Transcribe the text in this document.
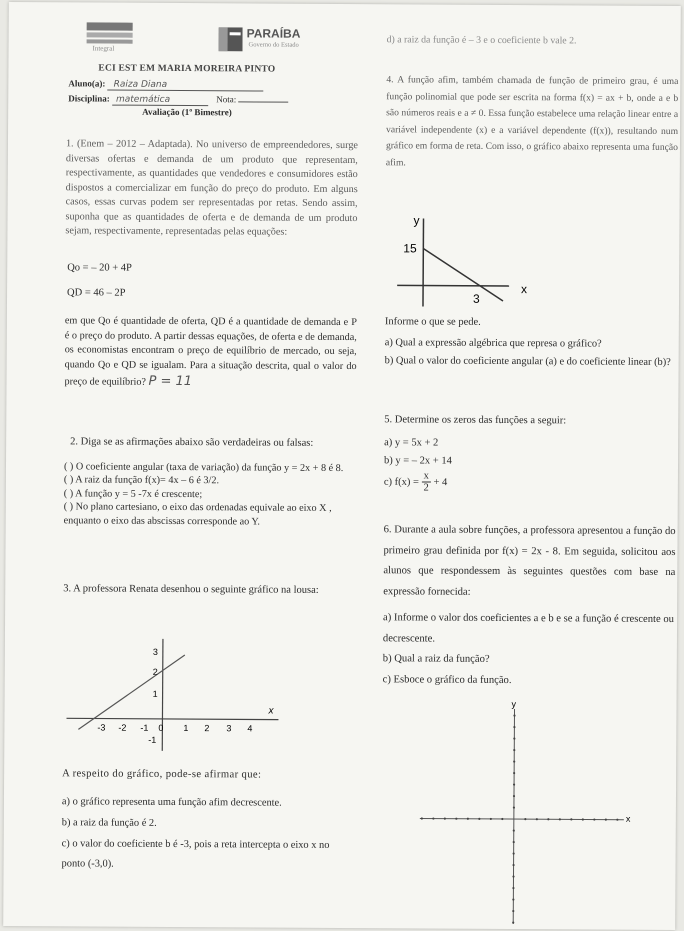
Integral
PARAÍBA
Governo do Estado
ECI EST EM MARIA MOREIRA PINTO
Aluno(a): Raiza Diana
Disciplina: matemática	Nota:
Avaliação (1º Bimestre)
1. (Enem – 2012 – Adaptada). No universo de empreendedores, surge diversas ofertas e demanda de um produto que representam, respectivamente, as quantidades que vendedores e consumidores estão dispostos a comercializar em função do preço do produto. Em alguns casos, essas curvas podem ser representadas por retas. Sendo assim, suponha que as quantidades de oferta e de demanda de um produto sejam, respectivamente, representadas pelas equações:
Qo = – 20 + 4P
QD = 46 – 2P
em que Qo é quantidade de oferta, QD é a quantidade de demanda e P é o preço do produto. A partir dessas equações, de oferta e de demanda, os economistas encontram o preço de equilíbrio de mercado, ou seja, quando Qo e QD se igualam. Para a situação descrita, qual o valor do preço de equilíbrio? P = 11
2. Diga se as afirmações abaixo são verdadeiras ou falsas:
( ) O coeficiente angular (taxa de variação) da função y = 2x + 8 é 8.
( ) A raiz da função f(x)= 4x – 6 é 3/2.
( ) A função y = 5 -7x é crescente;
( ) No plano cartesiano, o eixo das ordenadas equivale ao eixo X , enquanto o eixo das abscissas corresponde ao Y.
3. A professora Renata desenhou o seguinte gráfico na lousa:
-3 -2 -1 0 1 2 3 4
x
3
2
1
-1
A respeito do gráfico, pode-se afirmar que:
a) o gráfico representa uma função afim decrescente.
b) a raiz da função é 2.
c) o valor do coeficiente b é -3, pois a reta intercepta o eixo x no ponto (-3,0).
d) a raiz da função é – 3 e o coeficiente b vale 2.
4. A função afim, também chamada de função de primeiro grau, é uma função polinomial que pode ser escrita na forma f(x) = ax + b, onde a e b são números reais e a ≠ 0. Essa função estabelece uma relação linear entre a variável independente (x) e a variável dependente (f(x)), resultando num gráfico em forma de reta. Com isso, o gráfico abaixo representa uma função afim.
y
15
3
x
Informe o que se pede.
a) Qual a expressão algébrica que represa o gráfico?
b) Qual o valor do coeficiente angular (a) e do coeficiente linear (b)?
5. Determine os zeros das funções a seguir:
a) y = 5x + 2
b) y = – 2x + 14
c) $f(x) = \frac{x}{2} + 4$
6. Durante a aula sobre funções, a professora apresentou a função do primeiro grau definida por f(x) = 2x - 8. Em seguida, solicitou aos alunos que respondessem às seguintes questões com base na expressão fornecida:
a) Informe o valor dos coeficientes a e b e se a função é crescente ou decrescente.
b) Qual a raiz da função?
c) Esboce o gráfico da função.
y
x
